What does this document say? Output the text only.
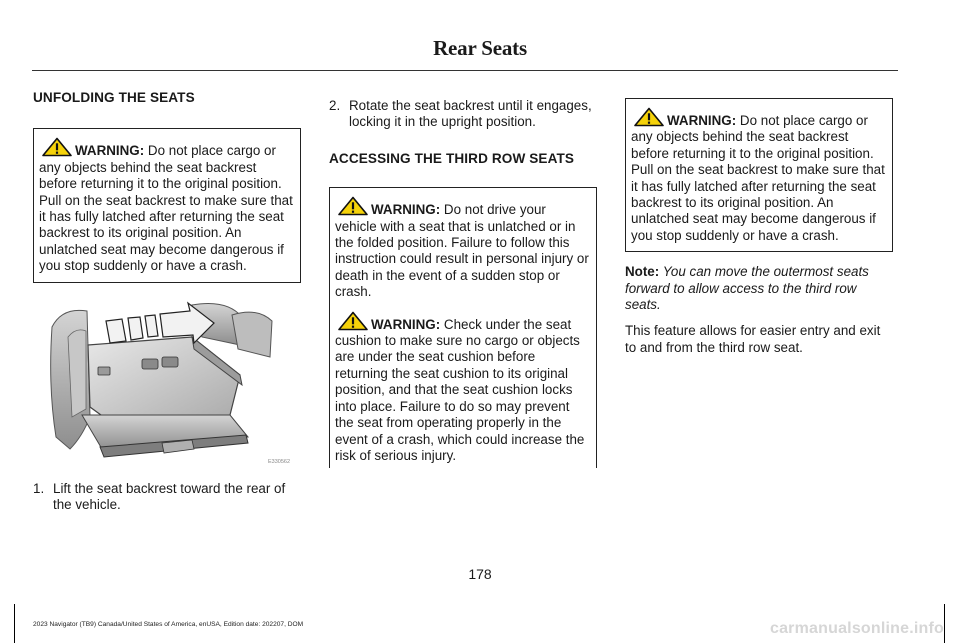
Rear Seats

UNFOLDING THE SEATS

WARNING: Do not place cargo or any objects behind the seat backrest before returning it to the original position. Pull on the seat backrest to make sure that it has fully latched after returning the seat backrest to its original position. An unlatched seat may become dangerous if you stop suddenly or have a crash.

E330562

1. Lift the seat backrest toward the rear of the vehicle.

2. Rotate the seat backrest until it engages, locking it in the upright position.

ACCESSING THE THIRD ROW SEATS

WARNING: Do not drive your vehicle with a seat that is unlatched or in the folded position. Failure to follow this instruction could result in personal injury or death in the event of a sudden stop or crash.

WARNING: Check under the seat cushion to make sure no cargo or objects are under the seat cushion before returning the seat cushion to its original position, and that the seat cushion locks into place. Failure to do so may prevent the seat from operating properly in the event of a crash, which could increase the risk of serious injury.

WARNING: Do not place cargo or any objects behind the seat backrest before returning it to the original position. Pull on the seat backrest to make sure that it has fully latched after returning the seat backrest to its original position. An unlatched seat may become dangerous if you stop suddenly or have a crash.

Note: You can move the outermost seats forward to allow access to the third row seats.

This feature allows for easier entry and exit to and from the third row seat.

178
2023 Navigator (TB9) Canada/United States of America, enUSA, Edition date: 202207, DOM	carmanualsonline.info
